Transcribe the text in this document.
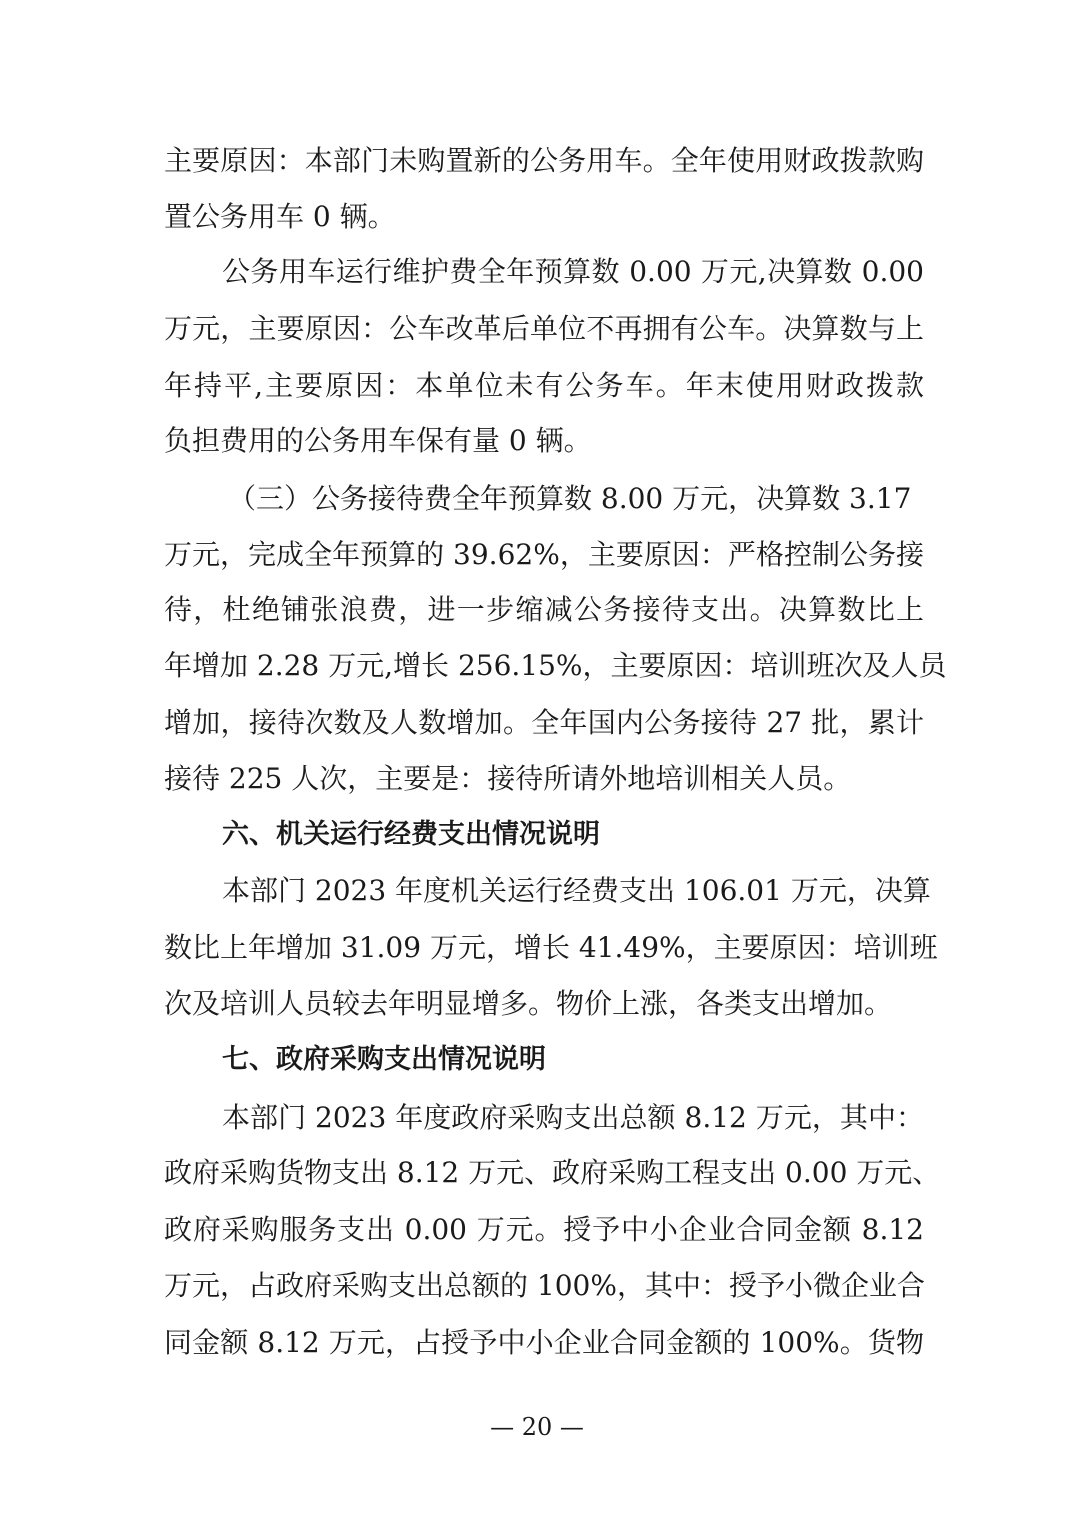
主要原因：本部门未购置新的公务用车。全年使用财政拨款购
置公务用车 0 辆。
公务用车运行维护费全年预算数 0.00 万元,决算数 0.00
万元，主要原因：公车改革后单位不再拥有公车。决算数与上
年持平,主要原因：本单位未有公务车。年末使用财政拨款
负担费用的公务用车保有量 0 辆。
（三）公务接待费全年预算数 8.00 万元，决算数 3.17
万元，完成全年预算的 39.62%，主要原因：严格控制公务接
待，杜绝铺张浪费，进一步缩减公务接待支出。决算数比上
年增加 2.28 万元,增长 256.15%，主要原因：培训班次及人员
增加，接待次数及人数增加。全年国内公务接待 27 批，累计
接待 225 人次，主要是：接待所请外地培训相关人员。
六、机关运行经费支出情况说明
本部门 2023 年度机关运行经费支出 106.01 万元，决算
数比上年增加 31.09 万元，增长 41.49%，主要原因：培训班
次及培训人员较去年明显增多。物价上涨，各类支出增加。
七、政府采购支出情况说明
本部门 2023 年度政府采购支出总额 8.12 万元，其中：
政府采购货物支出 8.12 万元、政府采购工程支出 0.00 万元、
政府采购服务支出 0.00 万元。授予中小企业合同金额 8.12
万元，占政府采购支出总额的 100%，其中：授予小微企业合
同金额 8.12 万元，占授予中小企业合同金额的 100%。货物
— 20 —
